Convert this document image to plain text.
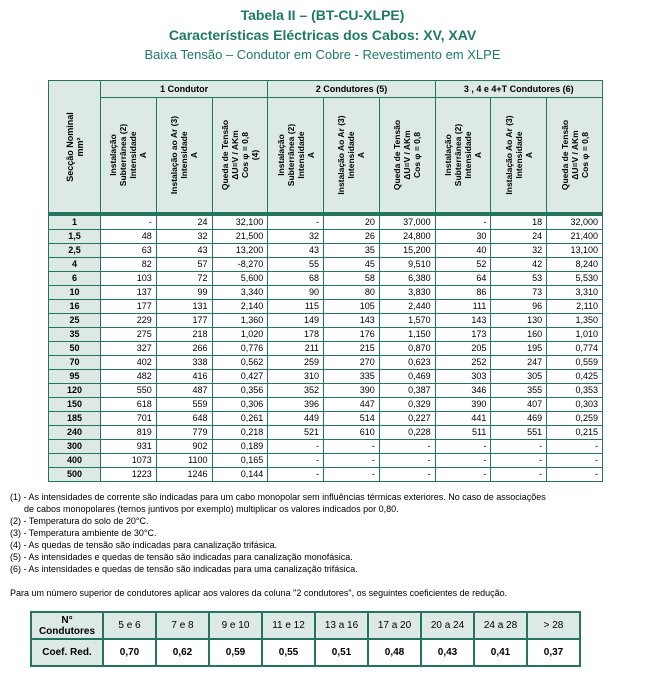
Tabela II – (BT-CU-XLPE)
Características Eléctricas dos Cabos: XV, XAV
Baixa Tensão – Condutor em Cobre - Revestimento em XLPE
Secção Nominal
mm²	1 Condutor			2 Condutores (5)			3 , 4 e 4+T Condutores (6)		

	Instalação
Subterrânea (2)
Intensidade
A	Instalação ao Ar (3)
Intensidade
A	Queda de Tensão
ΔU=V / AKm
Cos φ = 0,8
(4)	Instalação
Subterrânea (2)
Intensidade
A	Instalação Ao Ar (3)
Intensidade
A	Queda de Tensão
ΔU=V / AKm
Cos φ = 0,8	Instalação
Subterrânea (2)
Intensidade
A	Instalação Ao Ar (3)
Intensidade
A	Queda de Tensão
ΔU=V / AKm
Cos φ = 0,8

1	-	24	32,100	-	20	37,000	-	18	32,000
1,5	48	32	21,500	32	26	24,800	30	24	21,400
2,5	63	43	13,200	43	35	15,200	40	32	13,100
4	82	57	-8,270	55	45	9,510	52	42	8,240
6	103	72	5,600	68	58	6,380	64	53	5,530
10	137	99	3,340	90	80	3,830	86	73	3,310
16	177	131	2,140	115	105	2,440	111	96	2,110
25	229	177	1,360	149	143	1,570	143	130	1,350
35	275	218	1,020	178	176	1,150	173	160	1,010
50	327	266	0,776	211	215	0,870	205	195	0,774
70	402	338	0,562	259	270	0,623	252	247	0,559
95	482	416	0,427	310	335	0,469	303	305	0,425
120	550	487	0,356	352	390	0,387	346	355	0,353
150	618	559	0,306	396	447	0,329	390	407	0,303
185	701	648	0,261	449	514	0,227	441	469	0,259
240	819	779	0,218	521	610	0,228	511	551	0,215
300	931	902	0,189	-	-	-	-	-	-
400	1073	1100	0,165	-	-	-	-	-	-
500	1223	1246	0,144	-	-	-	-	-	-

(1) - As intensidades de corrente são indicadas para um cabo monopolar sem influências térmicas exteriores. No caso de associações

de cabos monopolares (ternos juntivos por exemplo) multiplicar os valores indicados por 0,80.

(2) - Temperatura do solo de 20°C.

(3) - Temperatura ambiente de 30°C.

(4) - As quedas de tensão são indicadas para canalização trifásica.

(5) - As intensidades e quedas de tensão são indicadas para canalização monofásica.

(6) - As intensidades e quedas de tensão são indicadas para uma canalização trifásica.

Para um número superior de condutores aplicar aos valores da coluna "2 condutores", os seguintes coeficientes de redução.
N°
Condutores	5 e 6	7 e 8	9 e 10	11 e 12	13 a 16	17 a 20	20 a 24	24 a 28	> 28
Coef. Red.	0,70	0,62	0,59	0,55	0,51	0,48	0,43	0,41	0,37
